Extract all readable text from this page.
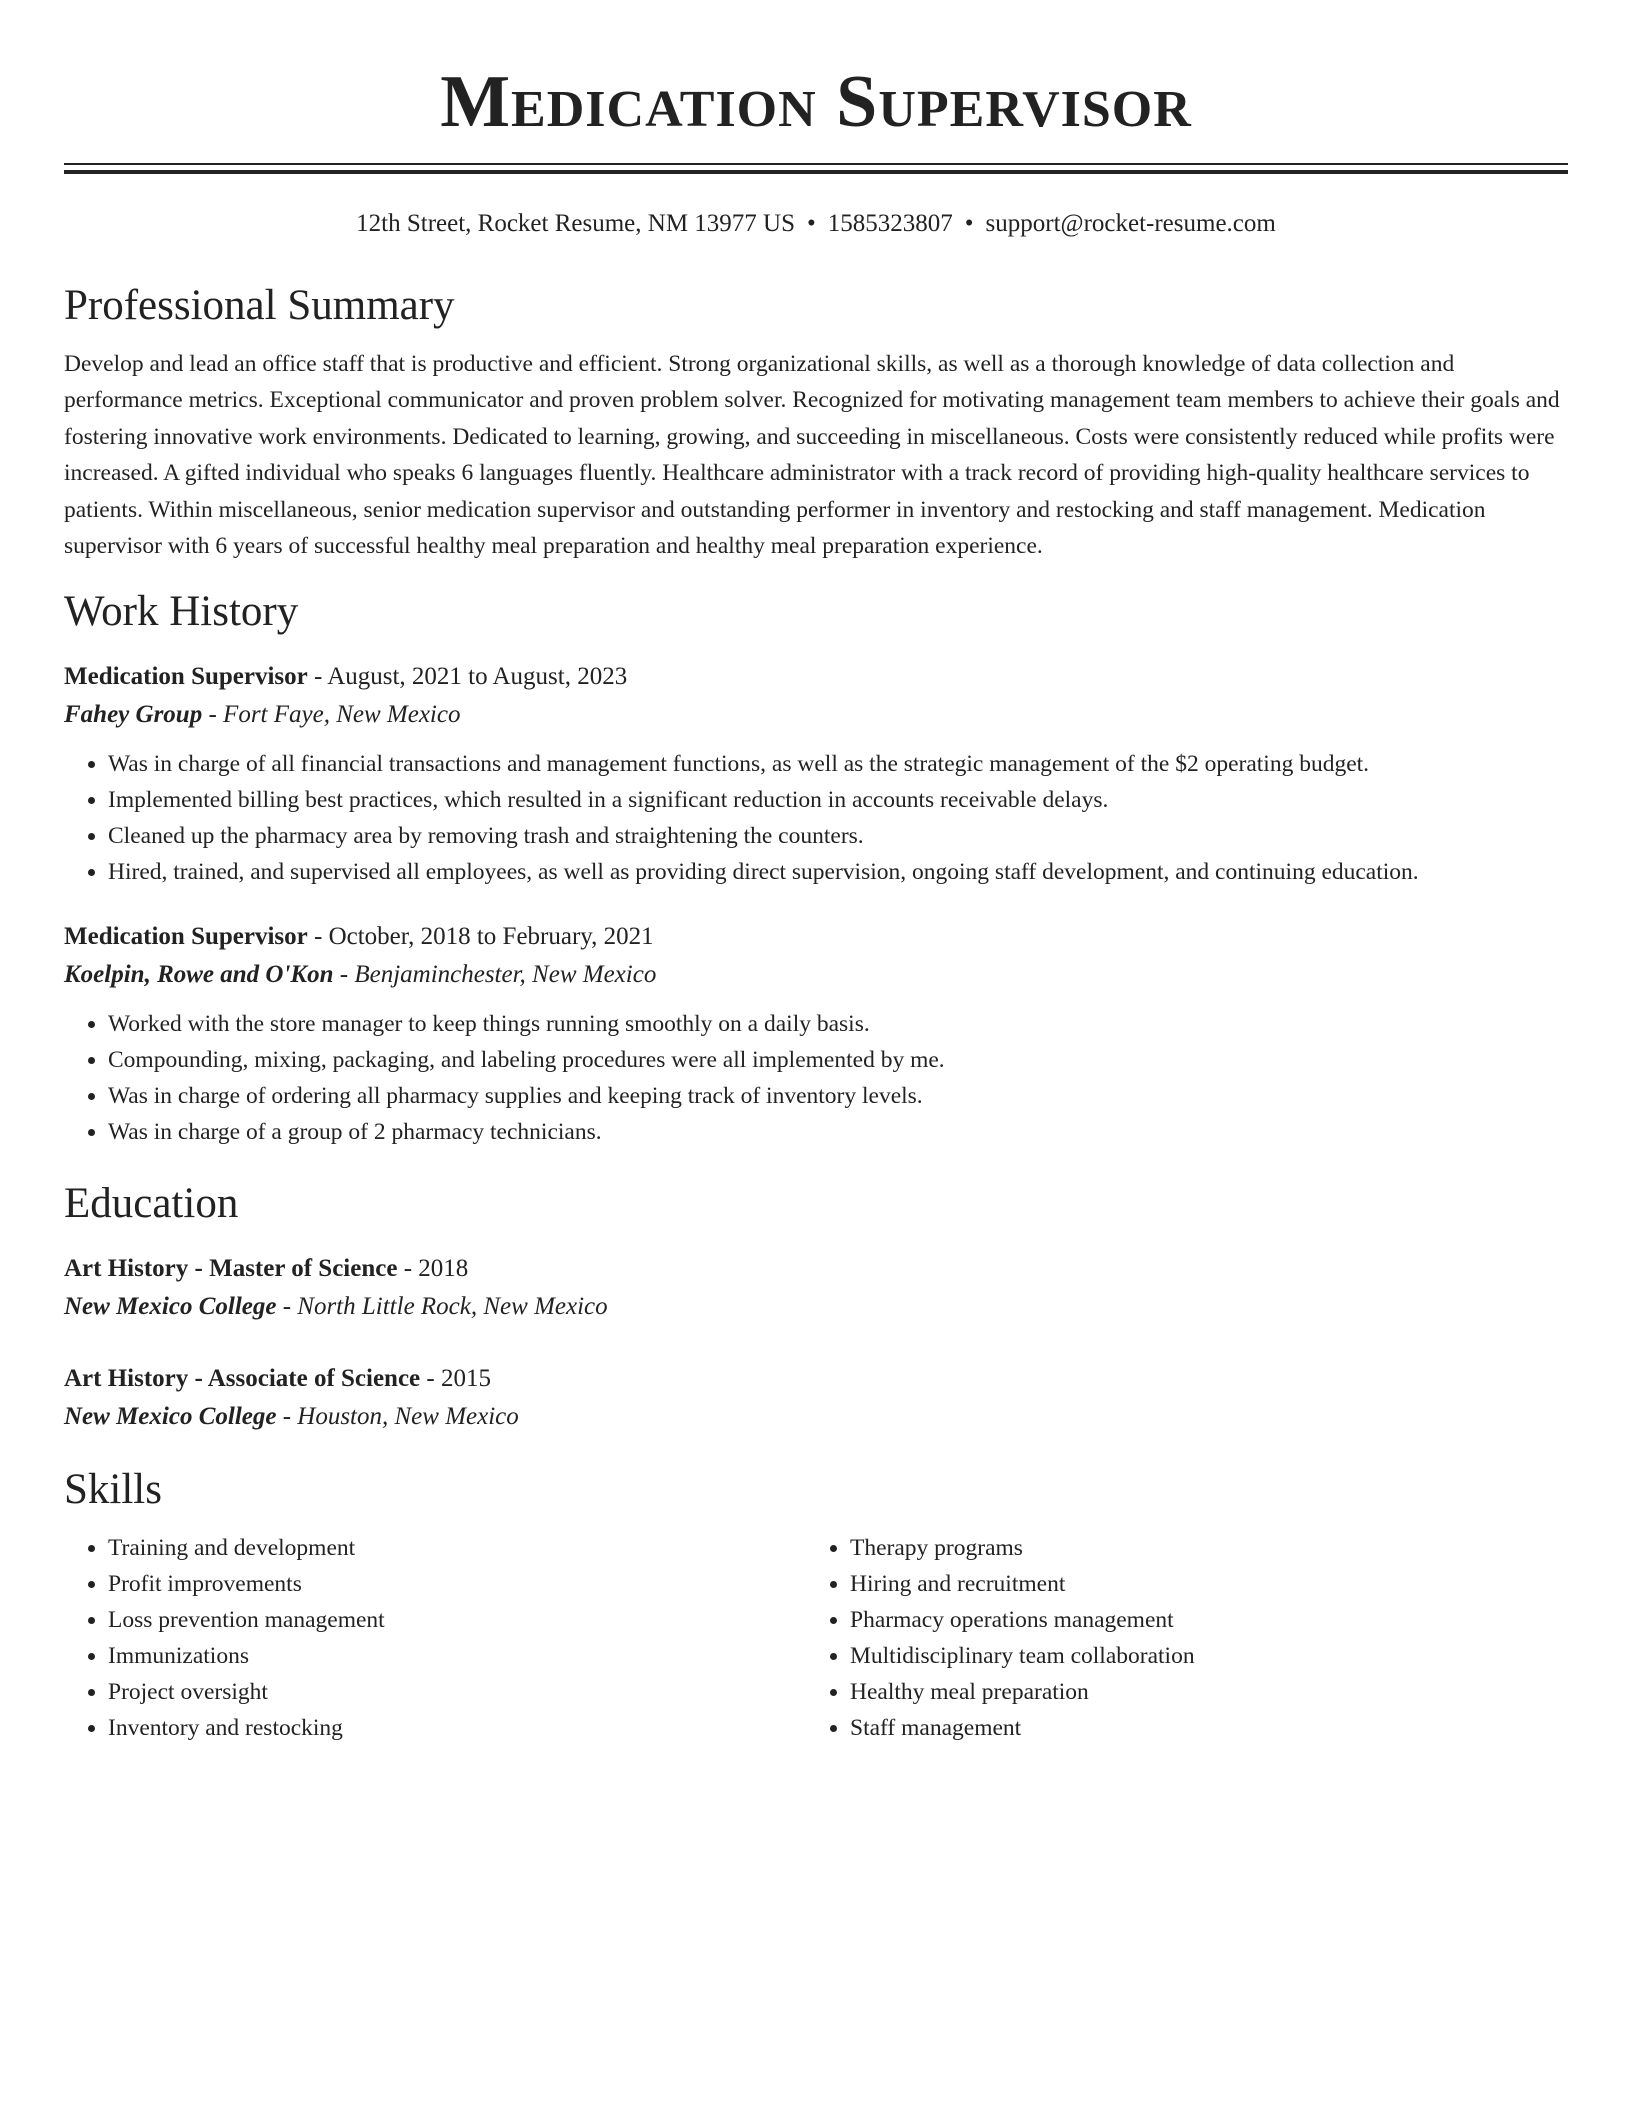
Medication Supervisor
12th Street, Rocket Resume, NM 13977 US • 1585323807 • support@rocket-resume.com
Professional Summary
Develop and lead an office staff that is productive and efficient. Strong organizational skills, as well as a thorough knowledge of data collection and performance metrics. Exceptional communicator and proven problem solver. Recognized for motivating management team members to achieve their goals and fostering innovative work environments. Dedicated to learning, growing, and succeeding in miscellaneous. Costs were consistently reduced while profits were increased. A gifted individual who speaks 6 languages fluently. Healthcare administrator with a track record of providing high-quality healthcare services to patients. Within miscellaneous, senior medication supervisor and outstanding performer in inventory and restocking and staff management. Medication supervisor with 6 years of successful healthy meal preparation and healthy meal preparation experience.
Work History
Medication Supervisor - August, 2021 to August, 2023
Fahey Group - Fort Faye, New Mexico
• Was in charge of all financial transactions and management functions, as well as the strategic management of the $2 operating budget.
• Implemented billing best practices, which resulted in a significant reduction in accounts receivable delays.
• Cleaned up the pharmacy area by removing trash and straightening the counters.
• Hired, trained, and supervised all employees, as well as providing direct supervision, ongoing staff development, and continuing education.
Medication Supervisor - October, 2018 to February, 2021
Koelpin, Rowe and O'Kon - Benjaminchester, New Mexico
• Worked with the store manager to keep things running smoothly on a daily basis.
• Compounding, mixing, packaging, and labeling procedures were all implemented by me.
• Was in charge of ordering all pharmacy supplies and keeping track of inventory levels.
• Was in charge of a group of 2 pharmacy technicians.
Education
Art History - Master of Science - 2018
New Mexico College - North Little Rock, New Mexico
Art History - Associate of Science - 2015
New Mexico College - Houston, New Mexico
Skills
• Training and development
• Profit improvements
• Loss prevention management
• Immunizations
• Project oversight
• Inventory and restocking
• Therapy programs
• Hiring and recruitment
• Pharmacy operations management
• Multidisciplinary team collaboration
• Healthy meal preparation
• Staff management
